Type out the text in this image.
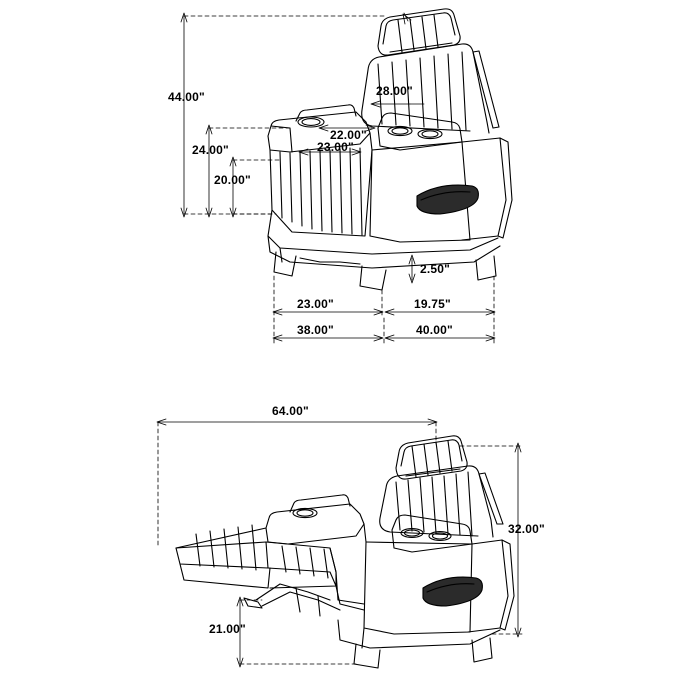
44.00"	28.00"
24.00"
22.00"
23.00"
20.00"
2.50"
23.00"	19.75"
38.00"	40.00"
64.00"
32.00"
21.00"
